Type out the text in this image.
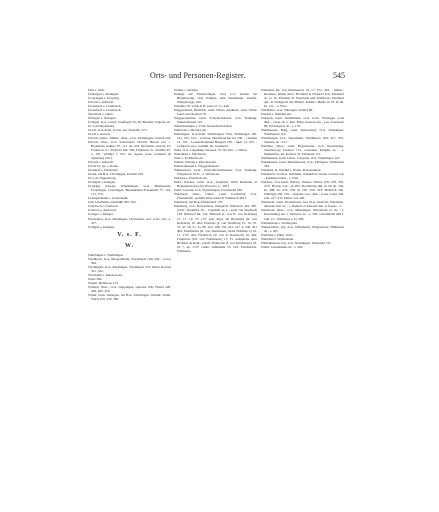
Orts- und Personen-Register.	545
Ulm s. Ulm.
Ünslingen s. Inslingen.
Urspringen s. Urspring.
Urbach s. Aurbach.
Ursenbach s. Ursenbach.
Ursenbach s. Ursenbach.
Ötterbach s. Jakob.
Örtingen s. Örtingen.
Üsingen, O.A. Urach, Uspflegen 10, 60; Besitzer Ungerfe 10.
Ur von Nippenburg.
Urach, O.A.Stadt, Urach, abt. Nodelfac 473.
Urach s. Aurach.
Urbach, Unter-, Mittel-, Ober-, O.A. Waiblingen, Urbach 218.
Urbach, Ober-, O.A. Schorndorf, Urbach, Herren von … Bernoldus aedituo 87. 113. 4a. 432. Bertoldus clericus 47; Fridericus 51. Friderici mil. 556. Fridericus 51. Walther 87. a. 191. Walther f 195; rel. Agnes soror comitem de Spiesberg 190 f.
Urbach s. Aurbach.
Urban IV, pp. s. Roma.
Urendorf s. Ehrendorf.
Urenn, bei B.A. Überlingen, Urnilen 230.
Urve de Nippenburg.
Ursingen s. Irsingen.
Urspring, Kloster, Schelklingen, O.A. Blaubeuren; Urspringen, Urspringen. Benediktiner-Frauenstift 75. 124. 151. 279.
Usbergersheim s. Utzersheim.
Uzh, Uttelheim, unermüßt 305. 305.
Usterbach s. Uterbach.
Usterwit s. Austerwit.
Uzinger s. Itzinger.
Utenweiler, O.A. Riedlingen, Utenweiler, rect. eccle. Utz. a. 417.
Uzingen s. Itzingen.
V. s. F.
W.
Waiblingen s. Waiblingen.
Wachbach, O.A. Mergentheim, Wachsbach villa 304. - rector 304.
Wachingen, O.A. Riedlingen, Wachingen 321; Ritter Konrad 321. 322.
Wachstein s. Raitsteit ain.
Wada 384.
Wigolt, Heinricus 313.
Wälden, Ober-, O.A. Göppingen, superior villa Waldd 420. 409. 469. 470.
Wäldi, Gem. Oetingen, bei B.A. Überlingen, Wäldin, Waldi, Weldi 259. 370. 380.
Wälzer s. Welden.
Wängle auf Niederwängle, tirol. L.G. Reutte bei Breitenwang, ober Wängle, dem Seulehrkelt, ebenda, Wangelsagge 194.
Wäsallia, H. wirds et H. pater el. 1a. 446.
Waggershaed, Heinrich, seine Witwe Adelheid, seine Söhne Jakob und Konrad 76.
Waggersjasimer, Gem. Schwäischausen, O.A. Tettnang, Wakershausen 125.
Wahrsmanngtte s. Vöm, Deutscherden Ben.
Wahrsster s. Botterd ein.
Waiblingen, O.A.Stadt, Weiblinigen, Wex, Waiblingen 190. 192. 252. 314. - ecclesia, Heiderlaucher lzz 250. - civiuma 14. 120. - Leonerblaumann Burgerd 230. - molt. 1a. 252. - Luitgard von s. Gerhhd, Kl. Gutenzell.
Wain, O.A. Laupheim, Wiuwen. W. fils 264. - a Wilen.
Waitzheen s. Fürchaurn.
Waiz s. Erchheim ein.
Wainer, Walzen s. Pferchen ein.
Walkershausen s. Waggershausen.
Waltbernerd, Gem. Unter-Mechenhauern, O.A. Tettnang, Walgebertt. H de - a. Wolterrun.
Walgarn s. Eberduck ein.
Wald, Kloster, Gem. O.A. Sealpinn; Wald Ralettion et Bamgettiun fera del. Pictoria ca - 302 f.
Wald, bobennt. O.A. Sigmaringen, Friesmadel 186.
Waldbach, Ober-, Unter-, Gem. Crailsbach, O.A. Friedemanli, opdium Oberwaldsch, Waldbach 481 f.
Waldbach, bei B.A. Pfullendorf 179.
Waldburg, O.A. Ravensburg, Walgurch, Walburch 404. 487. ptsch.: Rudolfus 16. - Capitheil de 2 - auch von Wartbach 138. Ruhcrelt 84. 132. Bertolds (I. von W. von Rohrbert) 15. 17. 19. 72. 137; seur Naya 18. Bertoldus (II. von Rohrbert) 19. 404. Eberhart (I. von Waldburg 15. 19. 35. 31. 47. 50. 51. 4a. 89. 104. 108. 150. 421. 417. 4. 430. 4b1 404. Eberhardus (II. von Tierhausen, Sicha Waldhus f.) 16. 17. 272ª. 404. Fridericus (II. von er. Robertolt) 19. 404. Fridericus (III. von Wartheuser) 17. Fr. Adilhaidis uxor Bertoldi de Rohr.; pursh. Waldtarus (I. von Wartheuser) 18. 19 7. 4p. 272ª; rehlis: Adilhaidis 55. 523. Eberhardus, Waltherus.
Waltherus (II. von Wartheuser) 16. 17. 272. 404. - minist.: Kleiltuss, Künle sitter: Berthold et Friderici frat. Eberhard dt. 1a. 5b. Eberhart dt. Eberhardt und Waltharus. Eberhard dpl. de Waltgurch des Bledel; Skinbrs. Helfle in 18. In 30. In. 131. - s. Wicc.
Waldhofer, O.A. Tübingen, Walhof 80.
Walden s. Wallden ein.
Waldeck, Gem. Stammheim, O.A. Calw, Waldeggu, ecila 464. - Liber de v. 462. Bitter Konrad am - pos. Truckeser 80. Erbsengerss de - s. 179.
Waldhausen, Burg, Gem. Rudersburg, O.A. Winkingen, Walthausen 116.
Waldhausen, O.A. Neresheim, Waldhusen villa 417. 455. Saheuse de - 417.
Waldhus, Ober-, Gem. Bogenseuler, O.A. Ravensburg, Steinbewegt Fusentn 151. Conradus Kungha de - s. Weißenfurt, Kl. Konrad, Sr. Elisabeth 151.
Waldhausen, Gem. Unter-, Gaspalta, O.A. Waiblingen 122.
Waldhausen, Gem. Bebenhausen, O.A. Tübingen, Waldhusen 384.
Waldkiss, N. Waldkd s. Roma, Probsiranteie.
Waldkirch, bei B.A. Waldshut, Waldkirch; bruder Conrad von - Predigerordens - s. Ulm.
Waldsee, O.A.Stadt, Walsee, Walsee, Wilsee 278. 278. 256. 274ª. Herren von - in 283. Eberhardus mil. in 20. In. 256. In. 288. In. 276. 278. In 218. 258. 343; Heinrich 34b. Walthgrg 259. 270. - Angelus von - 464. - scuss 3 eine 346. rent. 417. 413. Heinr. von 440.
Waldstein, Gem. Fischerbach, bad. B.A. Wolfach, Waldstein. Albertus mil. de - 1. Damien et Albertus mil. et fratres - 1.
Waldstein, Ober-, O.A. Münsingen, Walchsteht O. de - s. Ravensburg ein. † Walterus de - a. 430. colnominisi 269 f. rem. scc. Waltherus s. fa. 290.
Waldenstein s. Wolfsrgrain.
Walkertshofe, bay. A.G. Offenheim, Walgersbren: Hilibrarus de - s. 467.
Walldürn s. Dürn, Wall-.
Waldchel s. Walderstein.
Wallenhausen, bay. A.G. Nördlingen, Walnstein 511.
Wallis, Gunthalmus de - s. 290.
